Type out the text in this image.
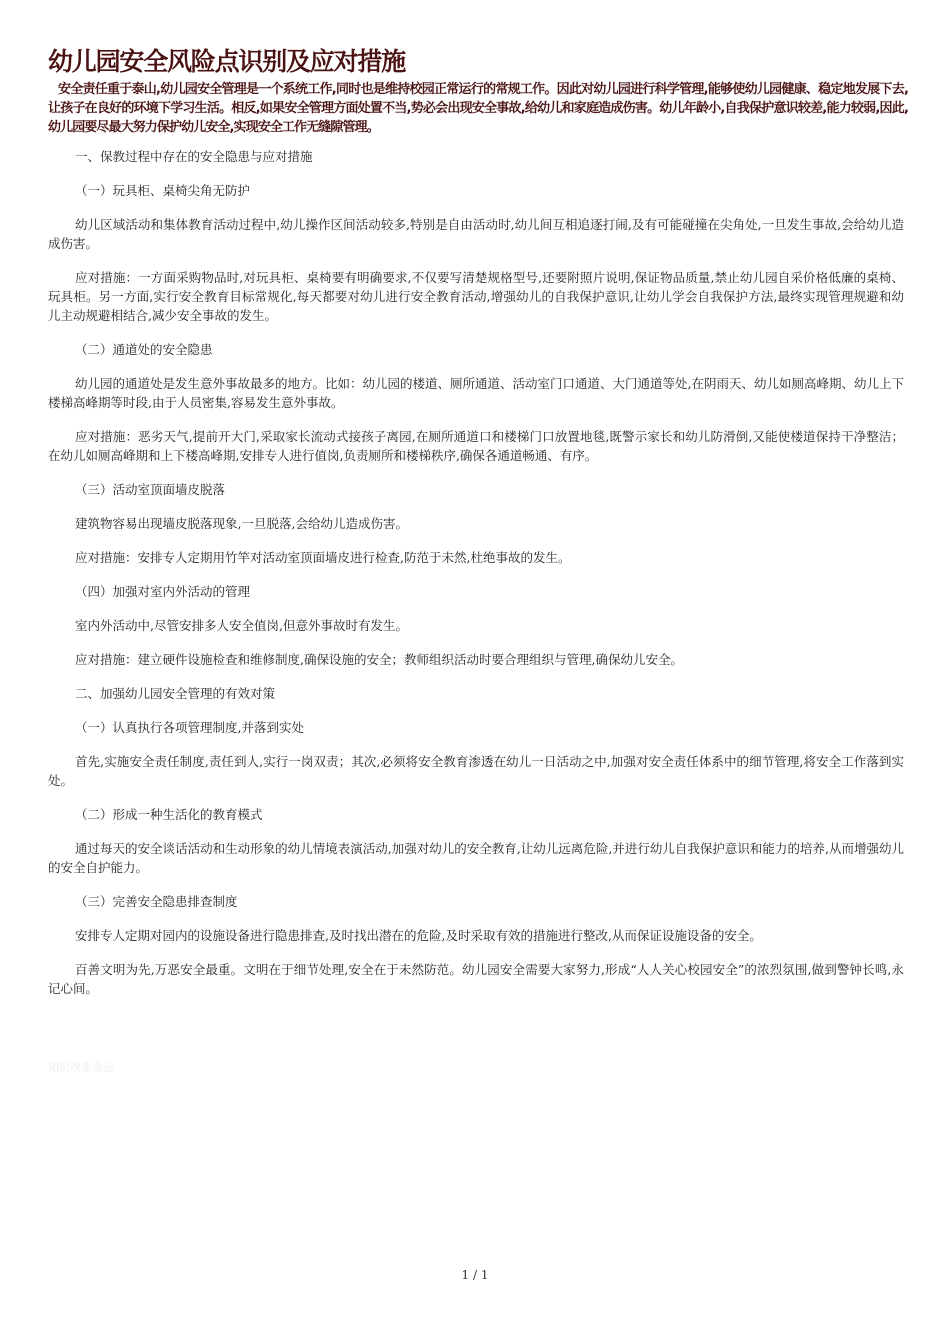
幼儿园安全风险点识别及应对措施

安全责任重于泰山,幼儿园安全管理是一个系统工作,同时也是维持校园正常运行的常规工作。因此对幼儿园进行科学管理,能够使幼儿园健康、稳定地发展下去,让孩子在良好的环境下学习生活。相反,如果安全管理方面处置不当,势必会出现安全事故,给幼儿和家庭造成伤害。幼儿年龄小,自我保护意识较差,能力较弱,因此,幼儿园要尽最大努力保护幼儿安全,实现安全工作无缝隙管理。

一、保教过程中存在的安全隐患与应对措施

（一）玩具柜、桌椅尖角无防护

幼儿区域活动和集体教育活动过程中,幼儿操作区间活动较多,特别是自由活动时,幼儿间互相追逐打闹,及有可能碰撞在尖角处,一旦发生事故,会给幼儿造成伤害。

应对措施：一方面采购物品时,对玩具柜、桌椅要有明确要求,不仅要写清楚规格型号,还要附照片说明,保证物品质量,禁止幼儿园自采价格低廉的桌椅、玩具柜。另一方面,实行安全教育目标常规化,每天都要对幼儿进行安全教育活动,增强幼儿的自我保护意识,让幼儿学会自我保护方法,最终实现管理规避和幼儿主动规避相结合,减少安全事故的发生。

（二）通道处的安全隐患

幼儿园的通道处是发生意外事故最多的地方。比如：幼儿园的楼道、厕所通道、活动室门口通道、大门通道等处,在阴雨天、幼儿如厕高峰期、幼儿上下楼梯高峰期等时段,由于人员密集,容易发生意外事故。

应对措施：恶劣天气,提前开大门,采取家长流动式接孩子离园,在厕所通道口和楼梯门口放置地毯,既警示家长和幼儿防滑倒,又能使楼道保持干净整洁；在幼儿如厕高峰期和上下楼高峰期,安排专人进行值岗,负责厕所和楼梯秩序,确保各通道畅通、有序。

（三）活动室顶面墙皮脱落

建筑物容易出现墙皮脱落现象,一旦脱落,会给幼儿造成伤害。

应对措施：安排专人定期用竹竿对活动室顶面墙皮进行检查,防范于未然,杜绝事故的发生。

（四）加强对室内外活动的管理

室内外活动中,尽管安排多人安全值岗,但意外事故时有发生。

应对措施：建立硬件设施检查和维修制度,确保设施的安全；教师组织活动时要合理组织与管理,确保幼儿安全。

二、加强幼儿园安全管理的有效对策

（一）认真执行各项管理制度,并落到实处

首先,实施安全责任制度,责任到人,实行一岗双责；其次,必须将安全教育渗透在幼儿一日活动之中,加强对安全责任体系中的细节管理,将安全工作落到实处。

（二）形成一种生活化的教育模式

通过每天的安全谈话活动和生动形象的幼儿情境表演活动,加强对幼儿的安全教育,让幼儿远离危险,并进行幼儿自我保护意识和能力的培养,从而增强幼儿的安全自护能力。

（三）完善安全隐患排查制度

安排专人定期对园内的设施设备进行隐患排查,及时找出潜在的危险,及时采取有效的措施进行整改,从而保证设施设备的安全。

百善文明为先,万恶安全最重。文明在于细节处理,安全在于未然防范。幼儿园安全需要大家努力,形成“人人关心校园安全”的浓烈氛围,做到警钟长鸣,永记心间。

知识改变命运
1 / 1
